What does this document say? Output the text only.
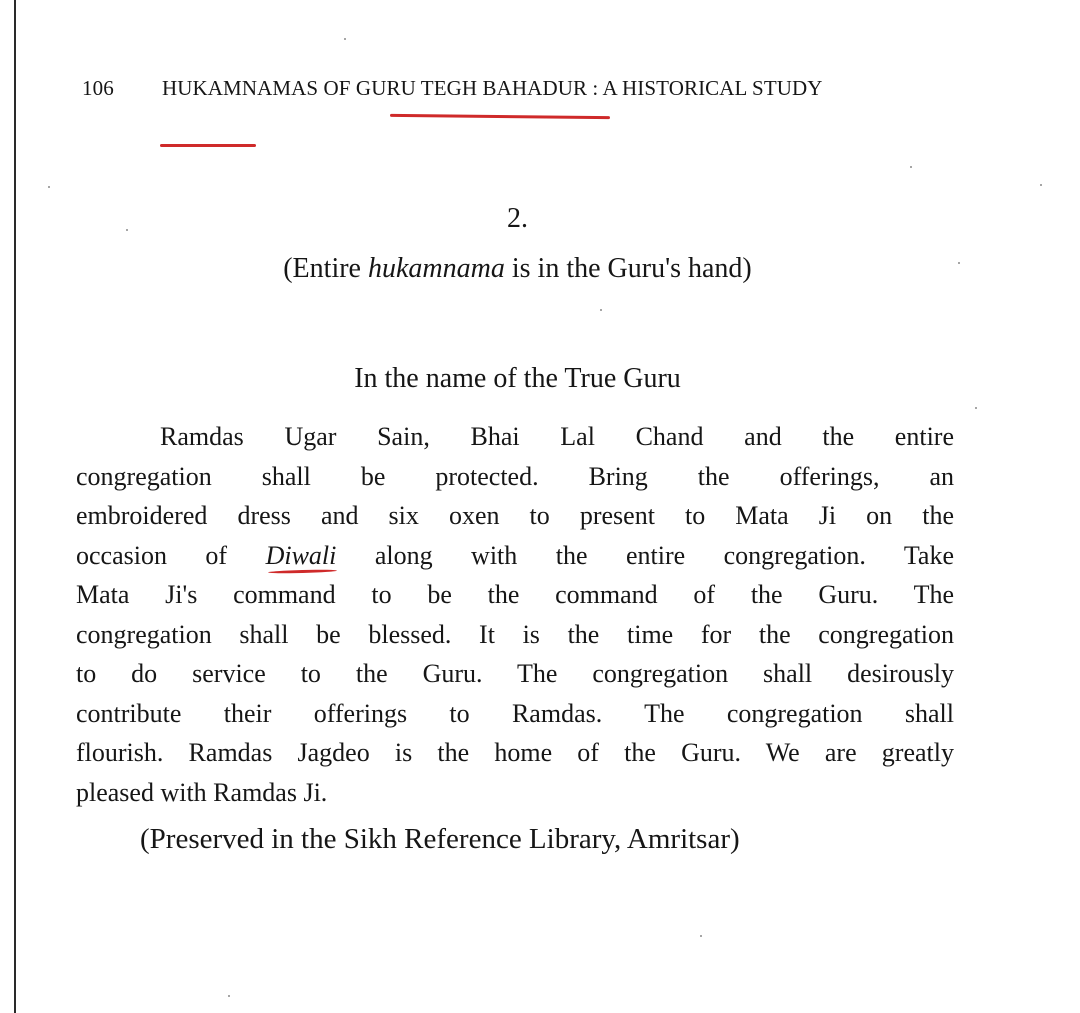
106 HUKAMNAMAS OF GURU TEGH BAHADUR : A HISTORICAL STUDY
2.
(Entire hukamnama is in the Guru's hand)
In the name of the True Guru
Ramdas Ugar Sain, Bhai Lal Chand and the entire
congregation shall be protected. Bring the offerings, an
embroidered dress and six oxen to present to Mata Ji on the
occasion of Diwali
along with the entire congregation. Take
Mata Ji's command to be the command of the Guru. The
congregation shall be blessed. It is the time for the congregation
to do service to the Guru. The congregation shall desirously
contribute their offerings to Ramdas. The congregation shall
flourish. Ramdas Jagdeo is the home of the Guru. We are greatly
pleased with Ramdas Ji.
(Preserved in the Sikh Reference Library, Amritsar)
